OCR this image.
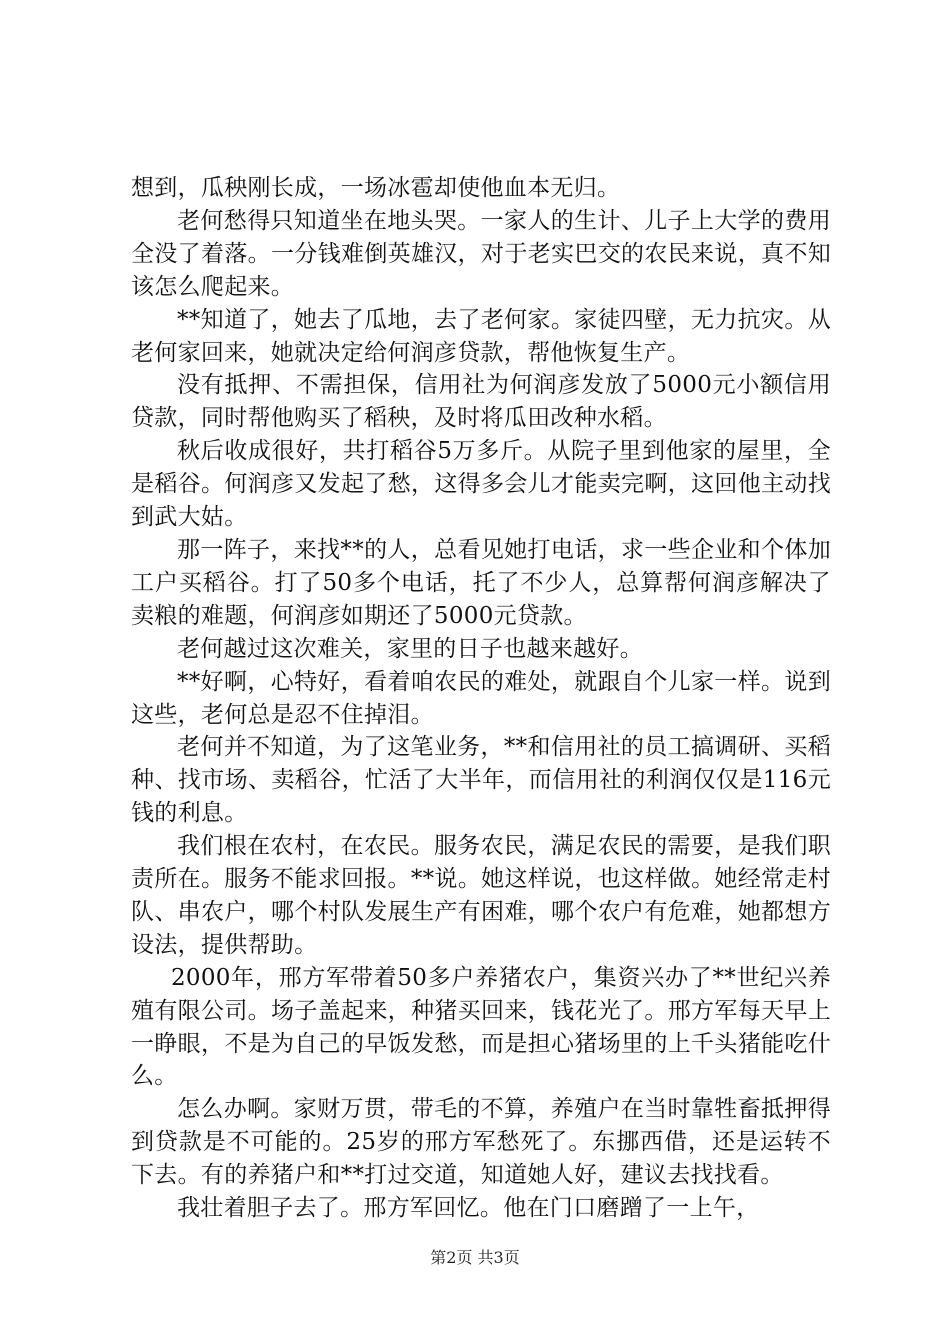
想到，瓜秧刚长成，一场冰雹却使他血本无归。

老何愁得只知道坐在地头哭。一家人的生计、儿子上大学的费用全没了着落。一分钱难倒英雄汉，对于老实巴交的农民来说，真不知该怎么爬起来。

**知道了，她去了瓜地，去了老何家。家徒四壁，无力抗灾。从老何家回来，她就决定给何润彦贷款，帮他恢复生产。

没有抵押、不需担保，信用社为何润彦发放了5000元小额信用贷款，同时帮他购买了稻秧，及时将瓜田改种水稻。

秋后收成很好，共打稻谷5万多斤。从院子里到他家的屋里，全是稻谷。何润彦又发起了愁，这得多会儿才能卖完啊，这回他主动找到武大姑。

那一阵子，来找**的人，总看见她打电话，求一些企业和个体加工户买稻谷。打了50多个电话，托了不少人，总算帮何润彦解决了卖粮的难题，何润彦如期还了5000元贷款。

老何越过这次难关，家里的日子也越来越好。

**好啊，心特好，看着咱农民的难处，就跟自个儿家一样。说到这些，老何总是忍不住掉泪。

老何并不知道，为了这笔业务，**和信用社的员工搞调研、买稻种、找市场、卖稻谷，忙活了大半年，而信用社的利润仅仅是116元钱的利息。

我们根在农村，在农民。服务农民，满足农民的需要，是我们职责所在。服务不能求回报。**说。她这样说，也这样做。她经常走村队、串农户，哪个村队发展生产有困难，哪个农户有危难，她都想方设法，提供帮助。

2000年，邢方军带着50多户养猪农户，集资兴办了**世纪兴养殖有限公司。场子盖起来，种猪买回来，钱花光了。邢方军每天早上一睁眼，不是为自己的早饭发愁，而是担心猪场里的上千头猪能吃什么。

怎么办啊。家财万贯，带毛的不算，养殖户在当时靠牲畜抵押得到贷款是不可能的。25岁的邢方军愁死了。东挪西借，还是运转不下去。有的养猪户和**打过交道，知道她人好，建议去找找看。

我壮着胆子去了。邢方军回忆。他在门口磨蹭了一上午，

第2页 共3页
